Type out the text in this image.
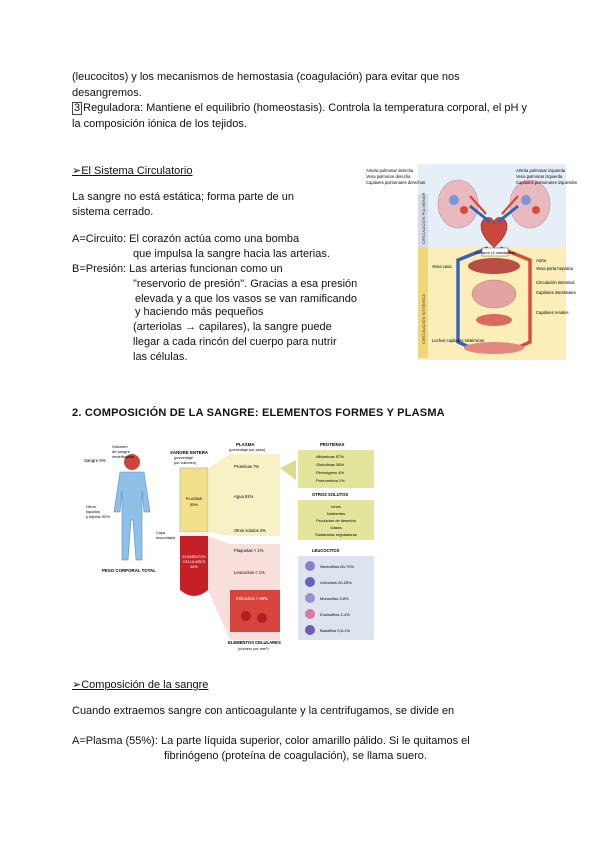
(leucocitos) y los mecanismos de hemostasia (coagulación) para evitar que nos
desangremos.
3 Reguladora: Mantiene el equilibrio (homeostasis). Controla la temperatura corporal, el pH y
la composición iónica de los tejidos.
➢El Sistema Circulatorio
La sangre no está estática; forma parte de un
sistema cerrado.
A=Circuito: El corazón actúa como una bomba
que impulsa la sangre hacia las arterias.
B=Presión: Las arterias funcionan como un
"reservorio de presión". Gracias a esa presión
elevada y a que los vasos se van ramificando
y haciendo más pequeños
(arteriolas → capilares), la sangre puede
llegar a cada rincón del cuerpo para nutrir
las células.
CIRCULACIÓN PULMONAR
CIRCULACIÓN SISTÉMICA
Corazón (4 cavidades)
Arteria pulmonar derecha
Vena pulmonar derecha
Capilares pulmonares derechos
Arteria pulmonar izquierda
Vena pulmonar izquierda
Capilares pulmonares izquierdos
Vena cava
Aorta
Vena porta hepática
Circulación intestinal
Capilares intestinales
Capilares renales
Lechos capilares sistémicos
2. COMPOSICIÓN DE LA SANGRE: ELEMENTOS FORMES Y PLASMA
Volumen
de sangre
centrifugada
Sangre 8%
Otros
líquidos
y tejidos 92%
PESO CORPORAL TOTAL
SANGRE ENTERA
(porcentaje
por volumen)
PLASMA
55%
ELEMENTOS
CELULARES
45%
Capa
leucocitaria
PLASMA
(porcentaje por peso)
Proteínas 7%
Agua 91%
Otros solutos 2%
Plaquetas < 1%
Leucocitos < 1%
Eritrocitos > 99%
ELEMENTOS CELULARES
(número por mm³)
PROTEÍNAS
Albúminas 57%
Globulinas 38%
Fibrinógeno 4%
Protrombina 1%
OTROS SOLUTOS
Iones
Nutrientes
Productos de desecho
Gases
Sustancias reguladoras
LEUCOCITOS
Neutrófilos 60-70%
Linfocitos 20-25%
Monocitos 3-8%
Eosinófilos 2-4%
Basófilos 0,5-1%
➢Composición de la sangre
Cuando extraemos sangre con anticoagulante y la centrifugamos, se divide en
A=Plasma (55%): La parte líquida superior, color amarillo pálido. Si le quitamos el
fibrinógeno (proteína de coagulación), se llama suero.
